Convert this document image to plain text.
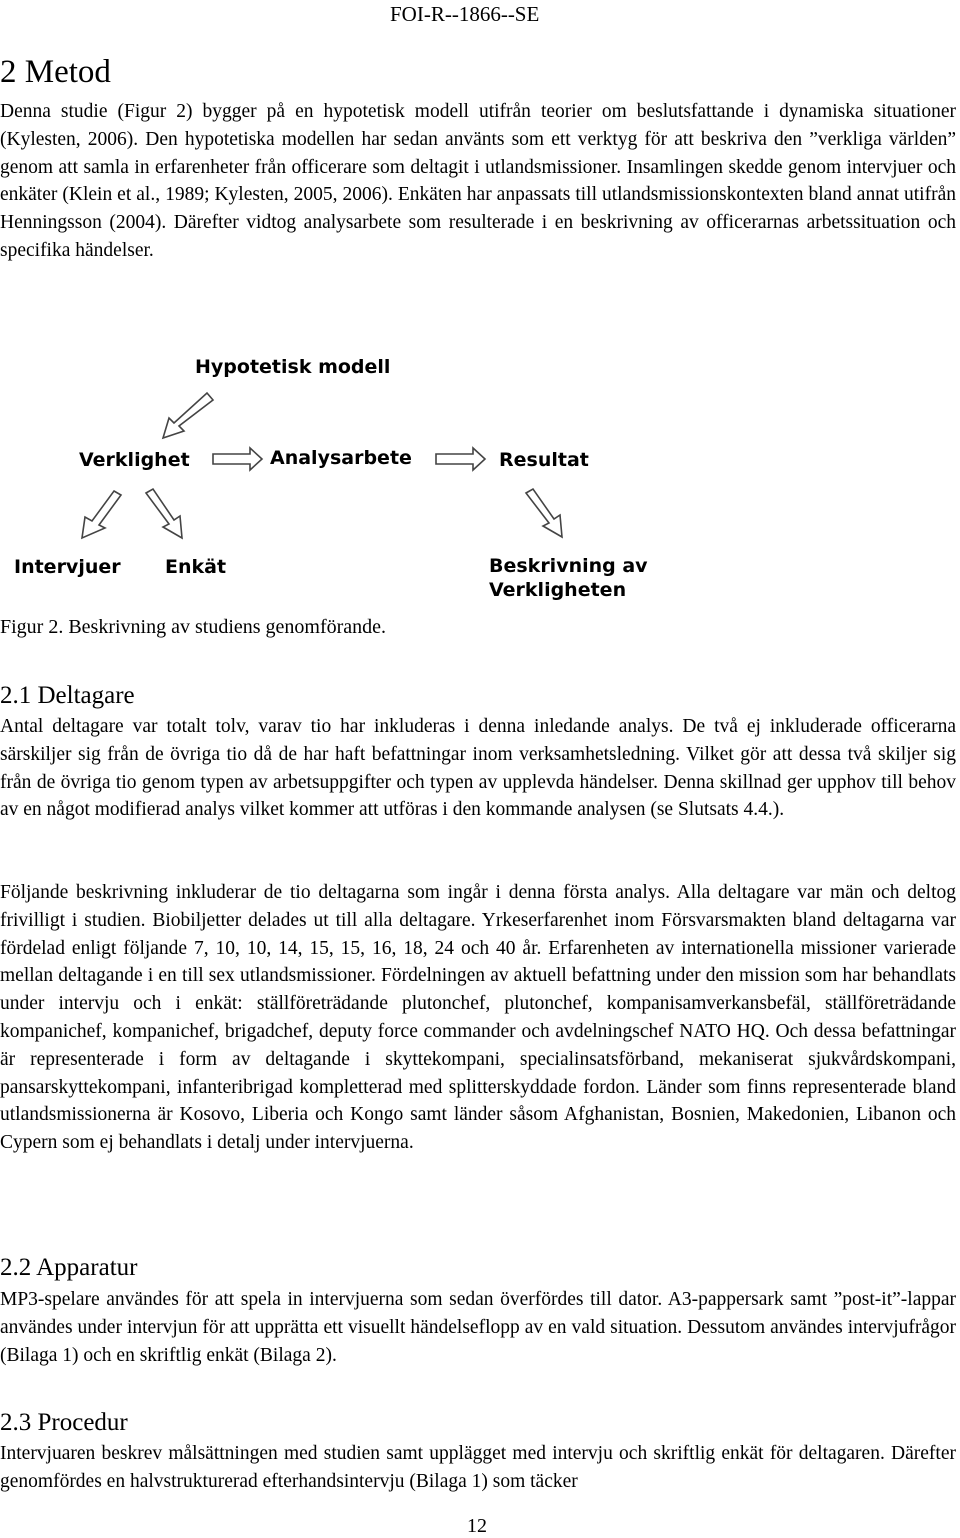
FOI-R--1866--SE
2 Metod

Denna studie (Figur 2) bygger på en hypotetisk modell utifrån teorier om beslutsfattande i dynamiska situationer (Kylesten, 2006). Den hypotetiska modellen har sedan använts som ett verktyg för att beskriva den ”verkliga världen” genom att samla in erfarenheter från officerare som deltagit i utlandsmissioner. Insamlingen skedde genom intervjuer och enkäter (Klein et al., 1989; Kylesten, 2005, 2006). Enkäten har anpassats till utlandsmissionskontexten bland annat utifrån Henningsson (2004). Därefter vidtog analysarbete som resulterade i en beskrivning av officerarnas arbetssituation och specifika händelser.

Hypotetisk modell
Verklighet	Analysarbete	Resultat
Intervjuer Enkät	Beskrivning av
Verkligheten
Figur 2. Beskrivning av studiens genomförande.
2.1 Deltagare

Antal deltagare var totalt tolv, varav tio har inkluderas i denna inledande analys. De två ej inkluderade officerarna särskiljer sig från de övriga tio då de har haft befattningar inom verksamhetsledning. Vilket gör att dessa två skiljer sig från de övriga tio genom typen av arbetsuppgifter och typen av upplevda händelser. Denna skillnad ger upphov till behov av en något modifierad analys vilket kommer att utföras i den kommande analysen (se Slutsats 4.4.).

Följande beskrivning inkluderar de tio deltagarna som ingår i denna första analys. Alla deltagare var män och deltog frivilligt i studien. Biobiljetter delades ut till alla deltagare. Yrkeserfarenhet inom Försvarsmakten bland deltagarna var fördelad enligt följande 7, 10, 10, 14, 15, 15, 16, 18, 24 och 40 år. Erfarenheten av internationella missioner varierade mellan deltagande i en till sex utlandsmissioner. Fördelningen av aktuell befattning under den mission som har behandlats under intervju och i enkät: ställföreträdande plutonchef, plutonchef, kompanisamverkansbefäl, ställföreträdande kompanichef, kompanichef, brigadchef, deputy force commander och avdelningschef NATO HQ. Och dessa befattningar är representerade i form av deltagande i skyttekompani, specialinsatsförband, mekaniserat sjukvårdskompani, pansarskyttekompani, infanteribrigad kompletterad med splitterskyddade fordon. Länder som finns representerade bland utlandsmissionerna är Kosovo, Liberia och Kongo samt länder såsom Afghanistan, Bosnien, Makedonien, Libanon och Cypern som ej behandlats i detalj under intervjuerna.

2.2 Apparatur

MP3-spelare användes för att spela in intervjuerna som sedan överfördes till dator. A3-pappersark samt ”post-it”-lappar användes under intervjun för att upprätta ett visuellt händelseflopp av en vald situation. Dessutom användes intervjufrågor (Bilaga 1) och en skriftlig enkät (Bilaga 2).

2.3 Procedur

Intervjuaren beskrev målsättningen med studien samt upplägget med intervju och skriftlig enkät för deltagaren. Därefter genomfördes en halvstrukturerad efterhandsintervju (Bilaga 1) som täcker

12
